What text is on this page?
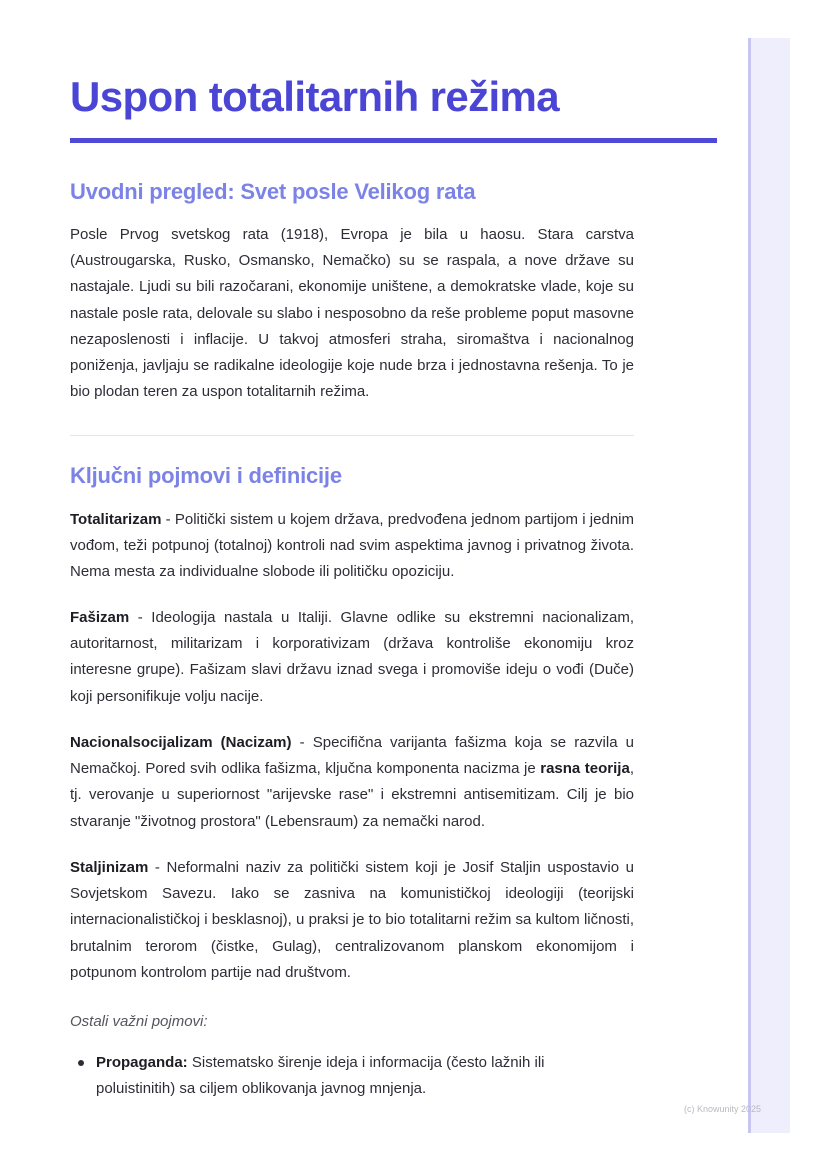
Uspon totalitarnih režima
Uvodni pregled: Svet posle Velikog rata

Posle Prvog svetskog rata (1918), Evropa je bila u haosu. Stara carstva (Austrougarska, Rusko, Osmansko, Nemačko) su se raspala, a nove države su nastajale. Ljudi su bili razočarani, ekonomije uništene, a demokratske vlade, koje su nastale posle rata, delovale su slabo i nesposobno da reše probleme poput masovne nezaposlenosti i inflacije. U takvoj atmosferi straha, siromaštva i nacionalnog poniženja, javljaju se radikalne ideologije koje nude brza i jednostavna rešenja. To je bio plodan teren za uspon totalitarnih režima.

Ključni pojmovi i definicije

Totalitarizam - Politički sistem u kojem država, predvođena jednom partijom i jednim vođom, teži potpunoj (totalnoj) kontroli nad svim aspektima javnog i privatnog života. Nema mesta za individualne slobode ili političku opoziciju.

Fašizam - Ideologija nastala u Italiji. Glavne odlike su ekstremni nacionalizam, autoritarnost, militarizam i korporativizam (država kontroliše ekonomiju kroz interesne grupe). Fašizam slavi državu iznad svega i promoviše ideju o vođi (Duče) koji personifikuje volju nacije.

Nacionalsocijalizam (Nacizam) - Specifična varijanta fašizma koja se razvila u Nemačkoj. Pored svih odlika fašizma, ključna komponenta nacizma je rasna teorija, tj. verovanje u superiornost "arijevske rase" i ekstremni antisemitizam. Cilj je bio stvaranje "životnog prostora" (Lebensraum) za nemački narod.

Staljinizam - Neformalni naziv za politički sistem koji je Josif Staljin uspostavio u Sovjetskom Savezu. Iako se zasniva na komunističkoj ideologiji (teorijski internacionalističkoj i besklasnoj), u praksi je to bio totalitarni režim sa kultom ličnosti, brutalnim terorom (čistke, Gulag), centralizovanom planskom ekonomijom i potpunom kontrolom partije nad društvom.

Ostali važni pojmovi:
Propaganda: Sistematsko širenje ideja i informacija (često lažnih ili poluistinitih) sa ciljem oblikovanja javnog mnjenja.
(c) Knowunity 2025
